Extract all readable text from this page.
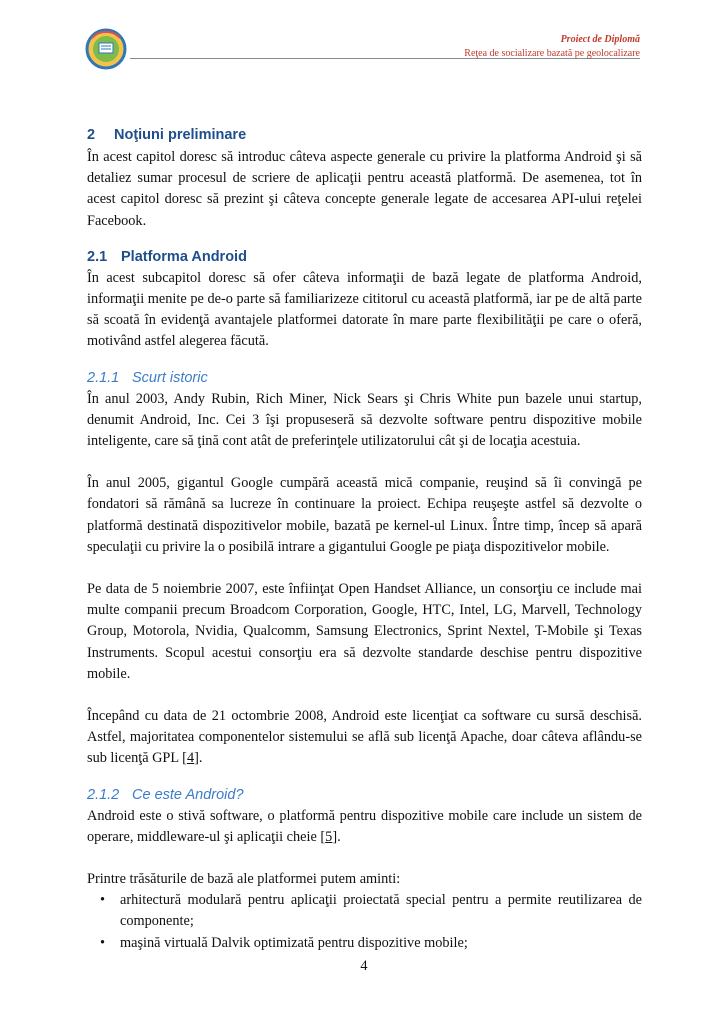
Proiect de Diplomă
Reţea de socializare bazată pe geolocalizare
2 Noţiuni preliminare

În acest capitol doresc să introduc câteva aspecte generale cu privire la platforma Android şi să detaliez sumar procesul de scriere de aplicaţii pentru această platformă. De asemenea, tot în acest capitol doresc să prezint şi câteva concepte generale legate de accesarea API-ului reţelei Facebook.

2.1 Platforma Android

În acest subcapitol doresc să ofer câteva informaţii de bază legate de platforma Android, informaţii menite pe de-o parte să familiarizeze cititorul cu această platformă, iar pe de altă parte să scoată în evidenţă avantajele platformei datorate în mare parte flexibilităţii pe care o oferă, motivând astfel alegerea făcută.

2.1.1 Scurt istoric

În anul 2003, Andy Rubin, Rich Miner, Nick Sears şi Chris White pun bazele unui startup, denumit Android, Inc. Cei 3 îşi propuseseră să dezvolte software pentru dispozitive mobile inteligente, care să ţină cont atât de preferinţele utilizatorului cât şi de locaţia acestuia.

În anul 2005, gigantul Google cumpără această mică companie, reuşind să îi convingă pe fondatori să rămână sa lucreze în continuare la proiect. Echipa reuşeşte astfel să dezvolte o platformă destinată dispozitivelor mobile, bazată pe kernel-ul Linux. Între timp, încep să apară speculaţii cu privire la o posibilă intrare a gigantului Google pe piaţa dispozitivelor mobile.

Pe data de 5 noiembrie 2007, este înfiinţat Open Handset Alliance, un consorţiu ce include mai multe companii precum Broadcom Corporation, Google, HTC, Intel, LG, Marvell, Technology Group, Motorola, Nvidia, Qualcomm, Samsung Electronics, Sprint Nextel, T-Mobile şi Texas Instruments. Scopul acestui consorţiu era să dezvolte standarde deschise pentru dispozitive mobile.

Începând cu data de 21 octombrie 2008, Android este licenţiat ca software cu sursă deschisă. Astfel, majoritatea componentelor sistemului se află sub licenţă Apache, doar câteva aflându-se sub licenţă GPL [4].

2.1.2 Ce este Android?

Android este o stivă software, o platformă pentru dispozitive mobile care include un sistem de operare, middleware-ul şi aplicaţii cheie [5].

Printre trăsăturile de bază ale platformei putem aminti:

• arhitectură modulară pentru aplicaţii proiectată special pentru a permite reutilizarea de componente;
• maşină virtuală Dalvik optimizată pentru dispozitive mobile;
4
